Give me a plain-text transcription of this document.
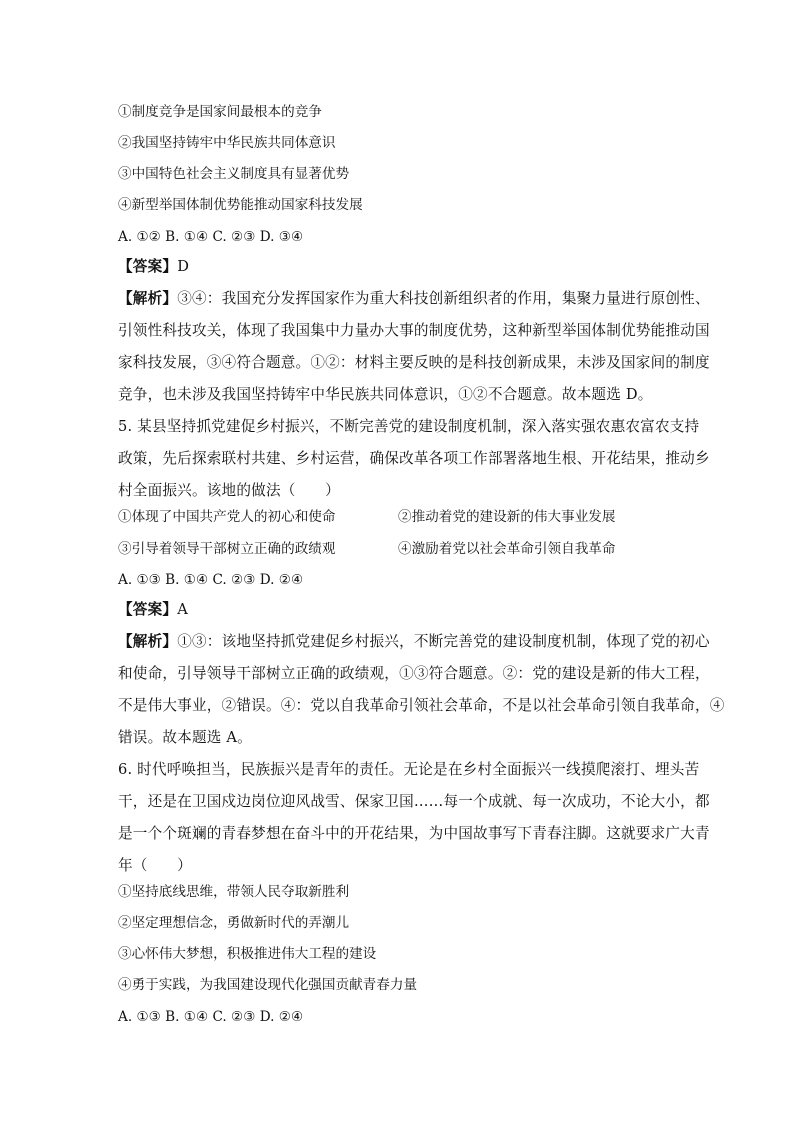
①制度竞争是国家间最根本的竞争
②我国坚持铸牢中华民族共同体意识
③中国特色社会主义制度具有显著优势
④新型举国体制优势能推动国家科技发展
A. ①② B. ①④ C. ②③ D. ③④
【答案】D
【解析】③④：我国充分发挥国家作为重大科技创新组织者的作用，集聚力量进行原创性、
引领性科技攻关，体现了我国集中力量办大事的制度优势，这种新型举国体制优势能推动国
家科技发展，③④符合题意。①②：材料主要反映的是科技创新成果，未涉及国家间的制度
竞争，也未涉及我国坚持铸牢中华民族共同体意识，①②不合题意。故本题选 D。
5. 某县坚持抓党建促乡村振兴，不断完善党的建设制度机制，深入落实强农惠农富农支持
政策，先后探索联村共建、乡村运营，确保改革各项工作部署落地生根、开花结果，推动乡
村全面振兴。该地的做法（　　）
①体现了中国共产党人的初心和使命	②推动着党的建设新的伟大事业发展
③引导着领导干部树立正确的政绩观	④激励着党以社会革命引领自我革命
A. ①③ B. ①④ C. ②③ D. ②④
【答案】A
【解析】①③：该地坚持抓党建促乡村振兴，不断完善党的建设制度机制，体现了党的初心
和使命，引导领导干部树立正确的政绩观，①③符合题意。②：党的建设是新的伟大工程，
不是伟大事业，②错误。④：党以自我革命引领社会革命，不是以社会革命引领自我革命，④
错误。故本题选 A。
6. 时代呼唤担当，民族振兴是青年的责任。无论是在乡村全面振兴一线摸爬滚打、埋头苦
干，还是在卫国戍边岗位迎风战雪、保家卫国……每一个成就、每一次成功，不论大小，都
是一个个斑斓的青春梦想在奋斗中的开花结果，为中国故事写下青春注脚。这就要求广大青
年（　　）
①坚持底线思维，带领人民夺取新胜利
②坚定理想信念，勇做新时代的弄潮儿
③心怀伟大梦想，积极推进伟大工程的建设
④勇于实践，为我国建设现代化强国贡献青春力量
A. ①③ B. ①④ C. ②③ D. ②④
